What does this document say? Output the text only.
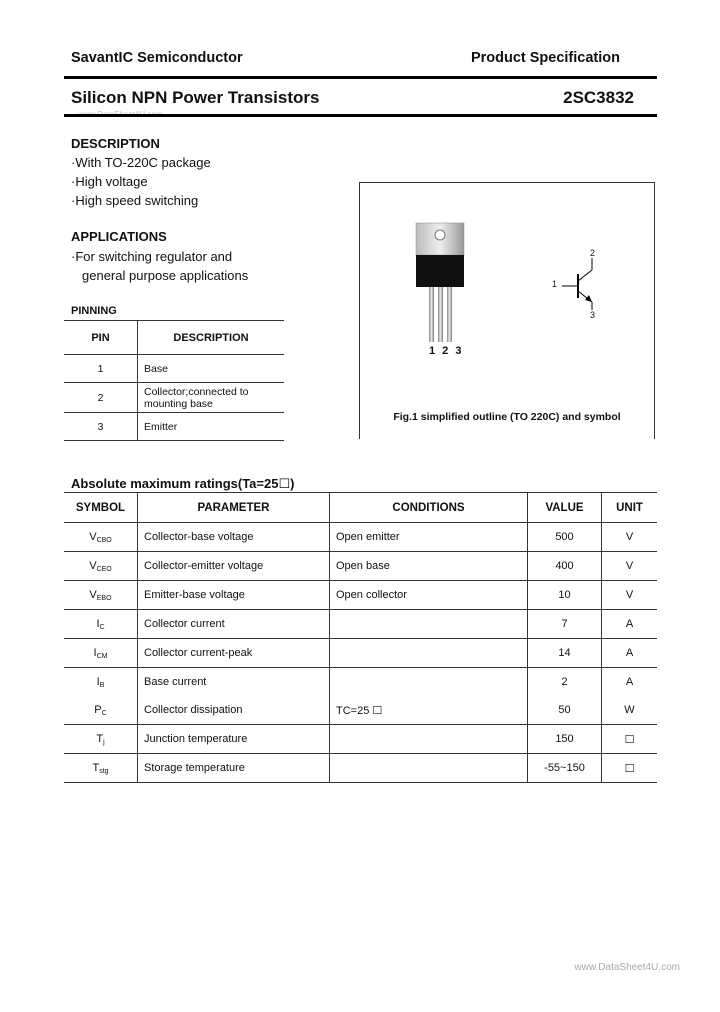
SavantIC Semiconductor	Product Specification
Silicon NPN Power Transistors	2SC3832
DESCRIPTION
·With TO-220C package
·High voltage
·High speed switching
APPLICATIONS
·For switching regulator and
general purpose applications
PINNING
PIN	DESCRIPTION
1	Base
2	Collector;connected to
mounting base

3	Emitter
1 2 3
1
2
3
Fig.1 simplified outline (TO 220C) and symbol
Absolute maximum ratings(Ta=25☐)
SYMBOL	PARAMETER	CONDITIONS	VALUE	UNIT
$V_{CBO}$	Collector-base voltage	Open emitter	500	V
$V_{CEO}$	Collector-emitter voltage	Open base	400	V
$V_{EBO}$	Emitter-base voltage	Open collector	10	V
$I_C$	Collector current		7	A
$I_{CM}$	Collector current-peak		14	A
$I_B$	Base current		2	A
$P_C$	Collector dissipation	TC=25 ☐	50	W
$T_j$	Junction temperature		150	☐
$T_{stg}$	Storage temperature		-55~150	☐
www.DataSheet4U.com
